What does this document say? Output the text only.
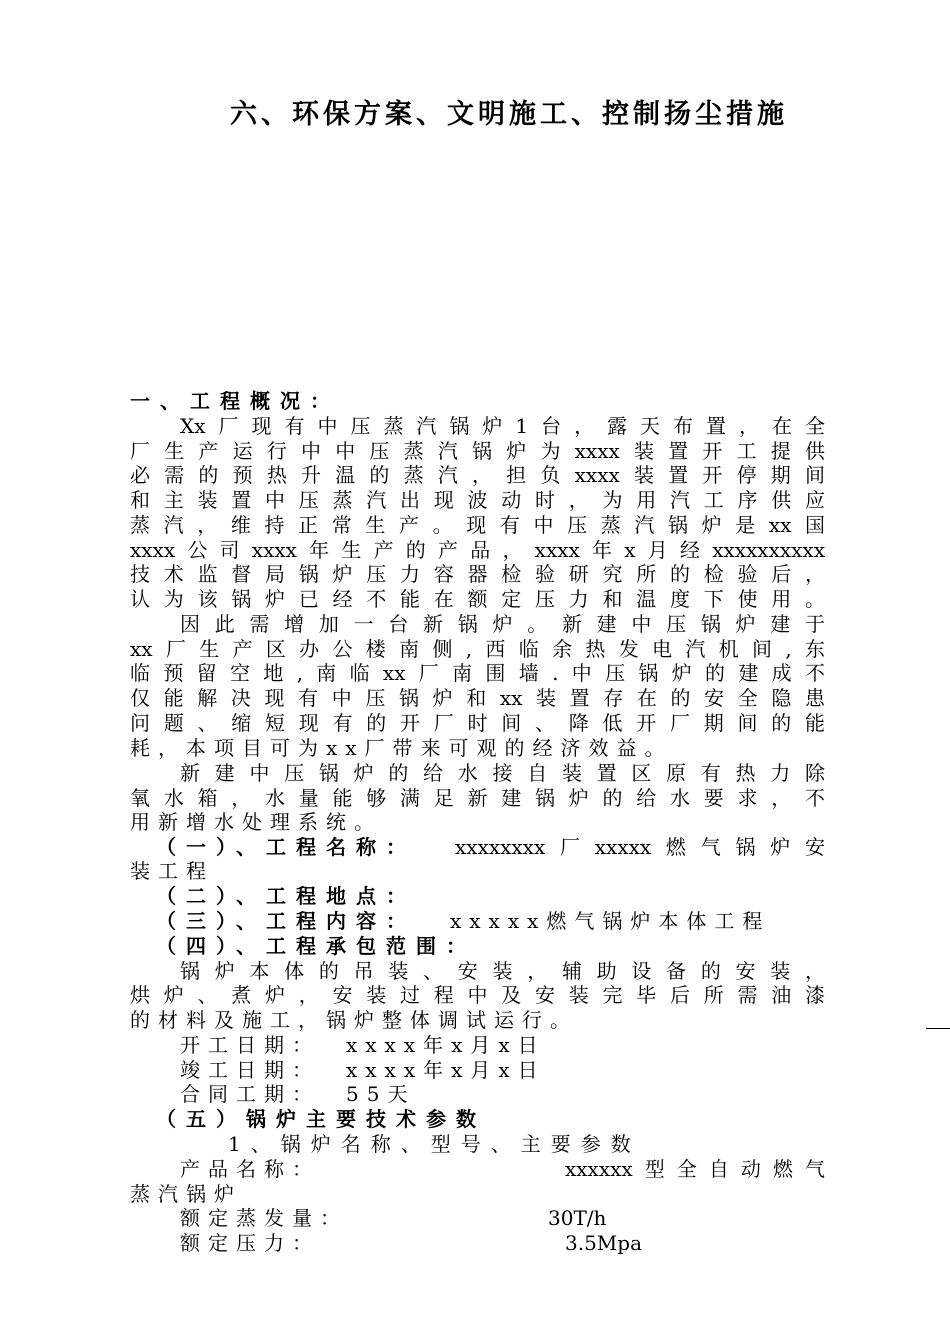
六、环保方案、文明施工、控制扬尘措施
一、工程概况：
Xx厂现有中压蒸汽锅炉1台，露天布置，在全
厂生产运行中中压蒸汽锅炉为xxxx装置开工提供
必需的预热升温的蒸汽，担负xxxx装置开停期间
和主装置中压蒸汽出现波动时，为用汽工序供应
蒸汽，维持正常生产。现有中压蒸汽锅炉是xx国
xxxx公司xxxx年生产的产品，xxxx年x月经xxxxxxxxxx
技术监督局锅炉压力容器检验研究所的检验后，
认为该锅炉已经不能在额定压力和温度下使用。
因此需增加一台新锅炉。新建中压锅炉建于
xx厂生产区办公楼南侧,西临余热发电汽机间,东
临预留空地,南临xx厂南围墙.中压锅炉的建成不
仅能解决现有中压锅炉和xx装置存在的安全隐患
问题、缩短现有的开厂时间、降低开厂期间的能
耗，本项目可为xx厂带来可观的经济效益。
新建中压锅炉的给水接自装置区原有热力除
氧水箱，水量能够满足新建锅炉的给水要求，不
用新增水处理系统。
（一）、工程名称：	xxxxxxxx厂xxxxx燃气锅炉安
装工程
（二）、工程地点：
（三）、工程内容：	xxxxx燃气锅炉本体工程
（四）、工程承包范围：
锅炉本体的吊装、安装，辅助设备的安装，
烘炉、煮炉，安装过程中及安装完毕后所需油漆
的材料及施工，锅炉整体调试运行。
开工日期：	xxxx年x月x日
竣工日期：	xxxx年x月x日
合同工期：	55天
（五）锅炉主要技术参数
1、锅炉名称、型号、主要参数
产品名称：	xxxxxx型全自动燃气
蒸汽锅炉
额定蒸发量：	30T/h
额定压力：	3.5Mpa
